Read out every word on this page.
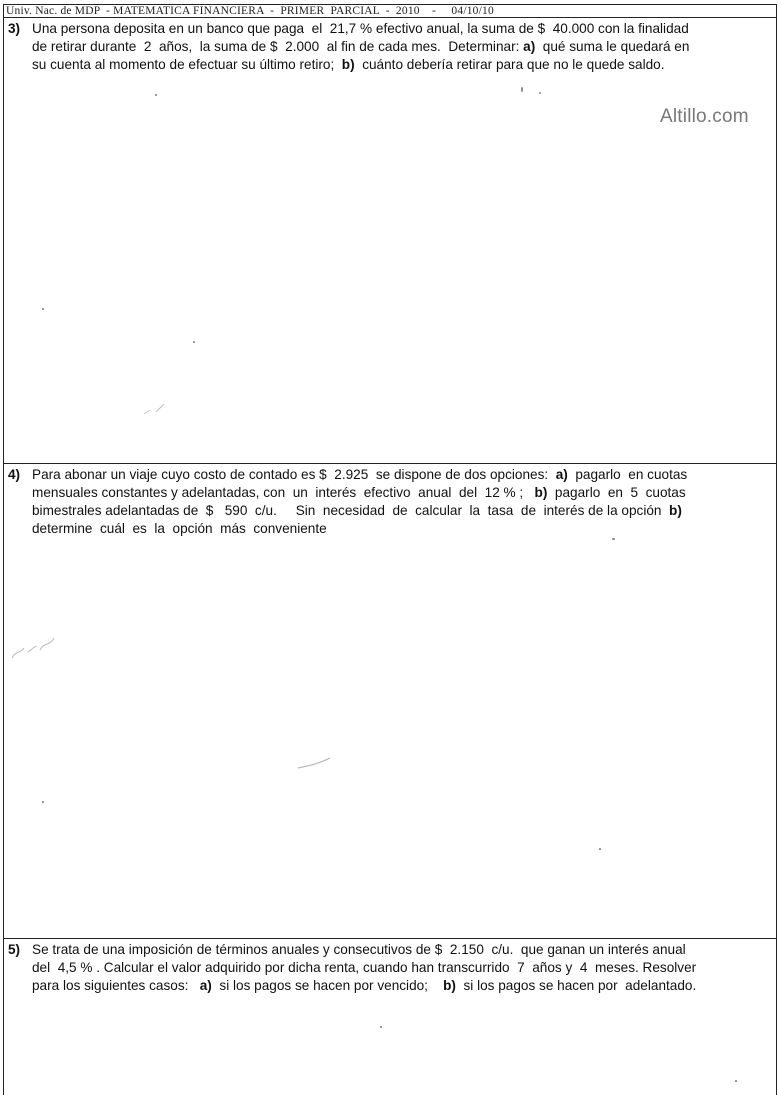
Univ. Nac. de MDP  - MATEMATICA FINANCIERA  -  PRIMER  PARCIAL  -  2010    -     04/10/10
3) Una persona deposita en un banco que paga  el  21,7 % efectivo anual, la suma de $  40.000 con la finalidad
de retirar durante  2  años,  la suma de $  2.000  al fin de cada mes.  Determinar: a)  qué suma le quedará en
su cuenta al momento de efectuar su último retiro;  b)  cuánto debería retirar para que no le quede saldo.
4) Para abonar un viaje cuyo costo de contado es $  2.925  se dispone de dos opciones:  a)  pagarlo  en cuotas
mensuales constantes y adelantadas, con  un  interés  efectivo  anual  del  12 % ;   b)  pagarlo  en  5  cuotas
bimestrales adelantadas de  $   590  c/u.     Sin  necesidad  de  calcular  la  tasa  de  interés de la opción  b)
determine  cuál  es  la  opción  más  conveniente
5) Se trata de una imposición de términos anuales y consecutivos de $  2.150  c/u.  que ganan un interés anual
del  4,5 % . Calcular el valor adquirido por dicha renta, cuando han transcurrido  7  años y  4  meses. Resolver
para los siguientes casos:   a)  si los pagos se hacen por vencido;    b)  si los pagos se hacen por  adelantado.
Altillo.com
